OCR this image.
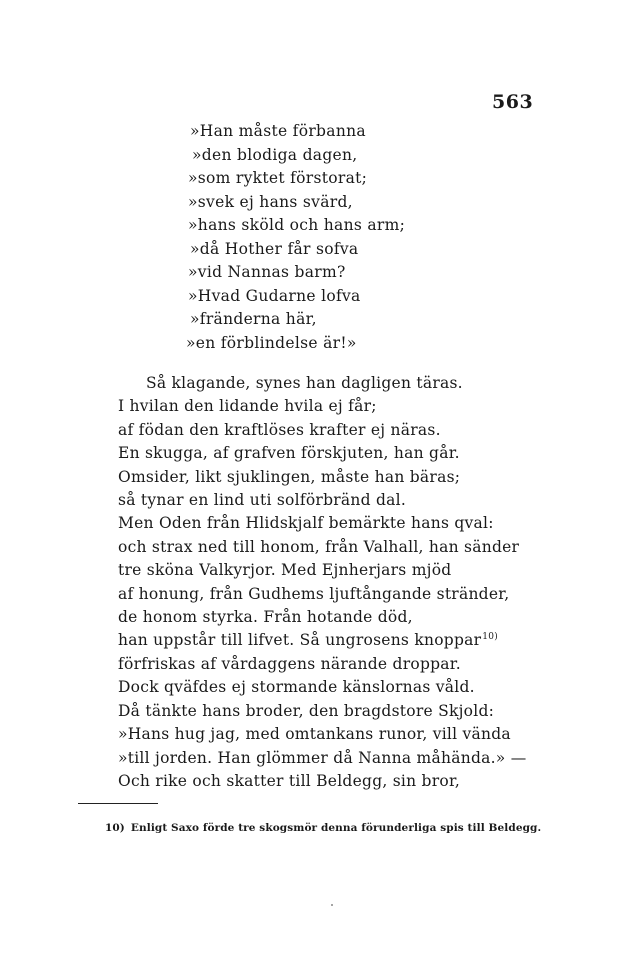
563
»Han måste förbanna
»den blodiga dagen,
»som ryktet förstorat;
»svek ej hans svärd,
»hans sköld och hans arm;
»då Hother får sofva
»vid Nannas barm?
»Hvad Gudarne lofva
»fränderna här,
»en förblindelse är!»
Så klagande, synes han dagligen täras.
I hvilan den lidande hvila ej får;
af födan den kraftlöses krafter ej näras.
En skugga, af grafven förskjuten, han går.
Omsider, likt sjuklingen, måste han bäras;
så tynar en lind uti solförbränd dal.
Men Oden från Hlidskjalf bemärkte hans qval:
och strax ned till honom, från Valhall, han sänder
tre sköna Valkyrjor. Med Ejnherjars mjöd
af honung, från Gudhems ljuftångande stränder,
de honom styrka. Från hotande död,
han uppstår till lifvet. Så ungrosens knoppar$^{10)}$
förfriskas af vårdaggens närande droppar.
Dock qväfdes ej stormande känslornas våld.
Då tänkte hans broder, den bragdstore Skjold:
»Hans hug jag, med omtankans runor, vill vända
»till jorden. Han glömmer då Nanna måhända.» —
Och rike och skatter till Beldegg, sin bror,
10) Enligt Saxo förde tre skogsmör denna förunderliga spis till Beldegg.
